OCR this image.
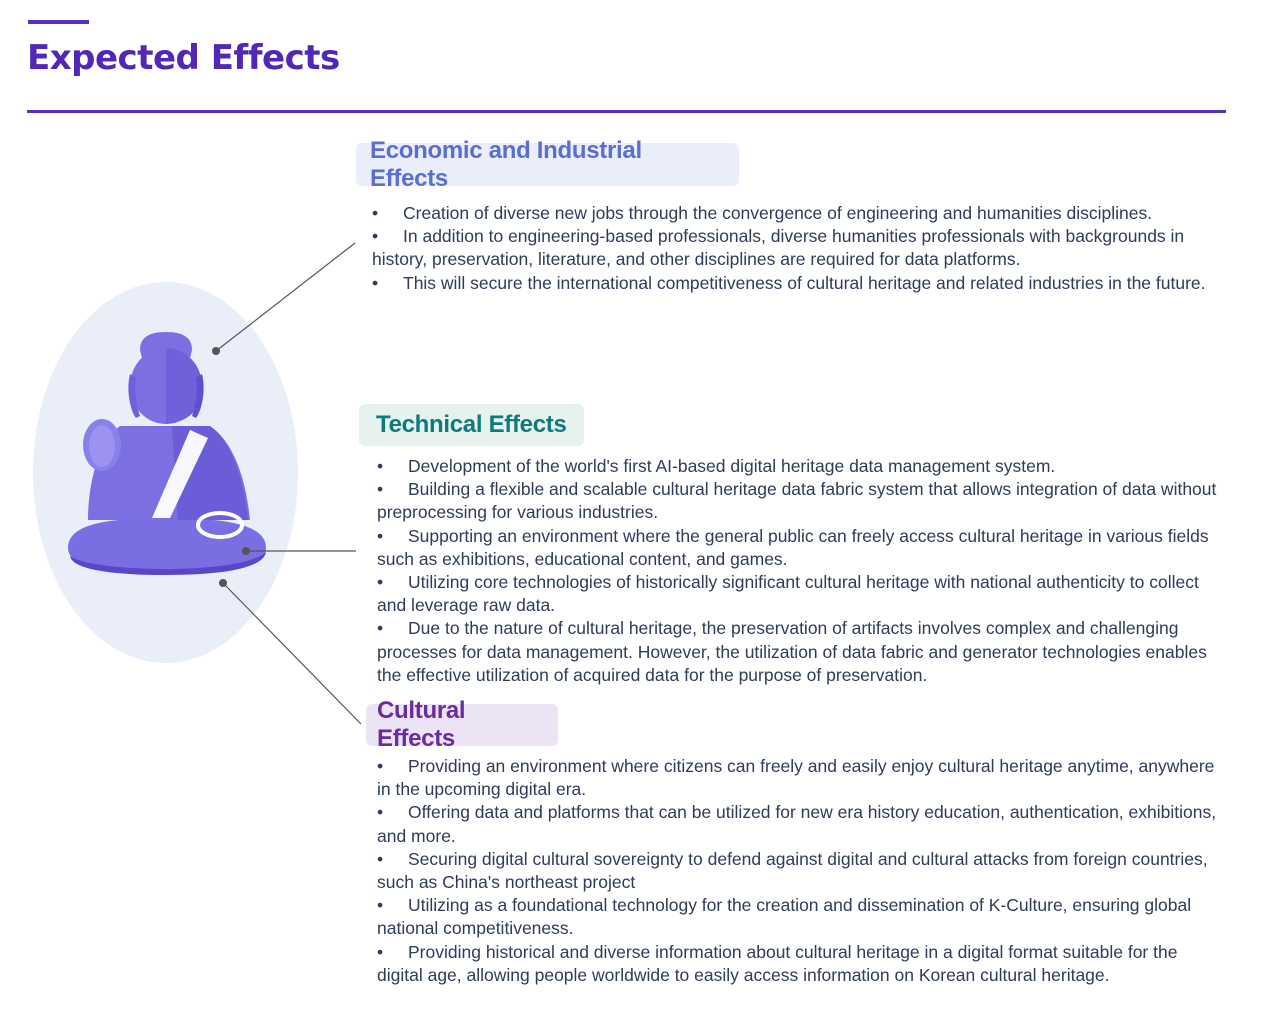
Expected Effects
Economic and Industrial Effects
• Creation of diverse new jobs through the convergence of engineering and humanities disciplines.
• In addition to engineering-based professionals, diverse humanities professionals with backgrounds in history, preservation, literature, and other disciplines are required for data platforms.
• This will secure the international competitiveness of cultural heritage and related industries in the future.
Technical Effects
• Development of the world's first AI-based digital heritage data management system.
• Building a flexible and scalable cultural heritage data fabric system that allows integration of data without preprocessing for various industries.
• Supporting an environment where the general public can freely access cultural heritage in various fields such as exhibitions, educational content, and games.
• Utilizing core technologies of historically significant cultural heritage with national authenticity to collect and leverage raw data.
• Due to the nature of cultural heritage, the preservation of artifacts involves complex and challenging processes for data management. However, the utilization of data fabric and generator technologies enables the effective utilization of acquired data for the purpose of preservation.
Cultural Effects
• Providing an environment where citizens can freely and easily enjoy cultural heritage anytime, anywhere in the upcoming digital era.
• Offering data and platforms that can be utilized for new era history education, authentication, exhibitions, and more.
• Securing digital cultural sovereignty to defend against digital and cultural attacks from foreign countries, such as China's northeast project
• Utilizing as a foundational technology for the creation and dissemination of K-Culture, ensuring global national competitiveness.
• Providing historical and diverse information about cultural heritage in a digital format suitable for the digital age, allowing people worldwide to easily access information on Korean cultural heritage.
